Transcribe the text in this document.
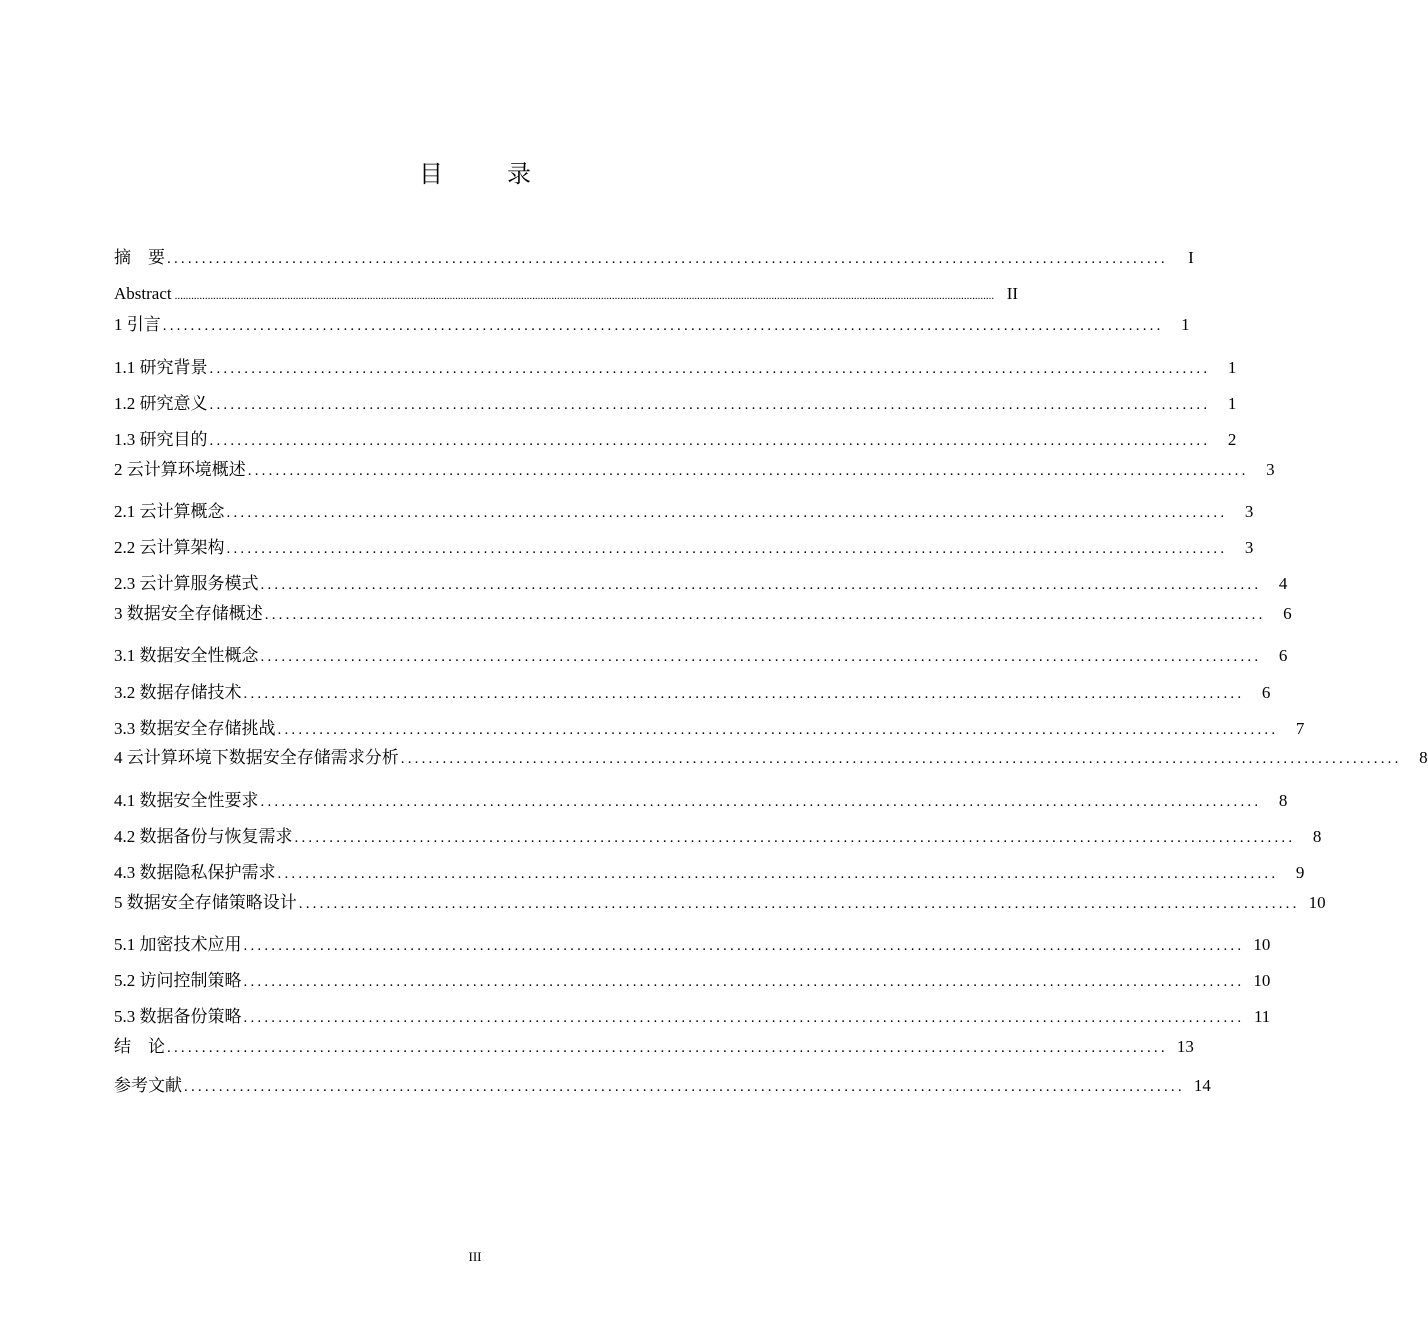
目　录
摘　要 ................................................................................................................................................	I
Abstract .......................................................................................................................................................................................................................................................................................................... II
1 引言 ................................................................................................................................................	1
1.1 研究背景 ................................................................................................................................................	1
1.2 研究意义 ................................................................................................................................................	1
1.3 研究目的 ................................................................................................................................................	2
2 云计算环境概述 ................................................................................................................................................	3
2.1 云计算概念 ................................................................................................................................................	3
2.2 云计算架构 ................................................................................................................................................	3
2.3 云计算服务模式 ................................................................................................................................................	4
3 数据安全存储概述 ................................................................................................................................................	6
3.1 数据安全性概念 ................................................................................................................................................	6
3.2 数据存储技术 ................................................................................................................................................	6
3.3 数据安全存储挑战 ................................................................................................................................................	7
4 云计算环境下数据安全存储需求分析 ................................................................................................................................................	8
4.1 数据安全性要求 ................................................................................................................................................	8
4.2 数据备份与恢复需求 ................................................................................................................................................	8
4.3 数据隐私保护需求 ................................................................................................................................................	9
5 数据安全存储策略设计 ................................................................................................................................................ 10
5.1 加密技术应用 ................................................................................................................................................ 10
5.2 访问控制策略 ................................................................................................................................................ 10
5.3 数据备份策略 ................................................................................................................................................ 11
结　论 ................................................................................................................................................ 13
参考文献 ................................................................................................................................................ 14
III
